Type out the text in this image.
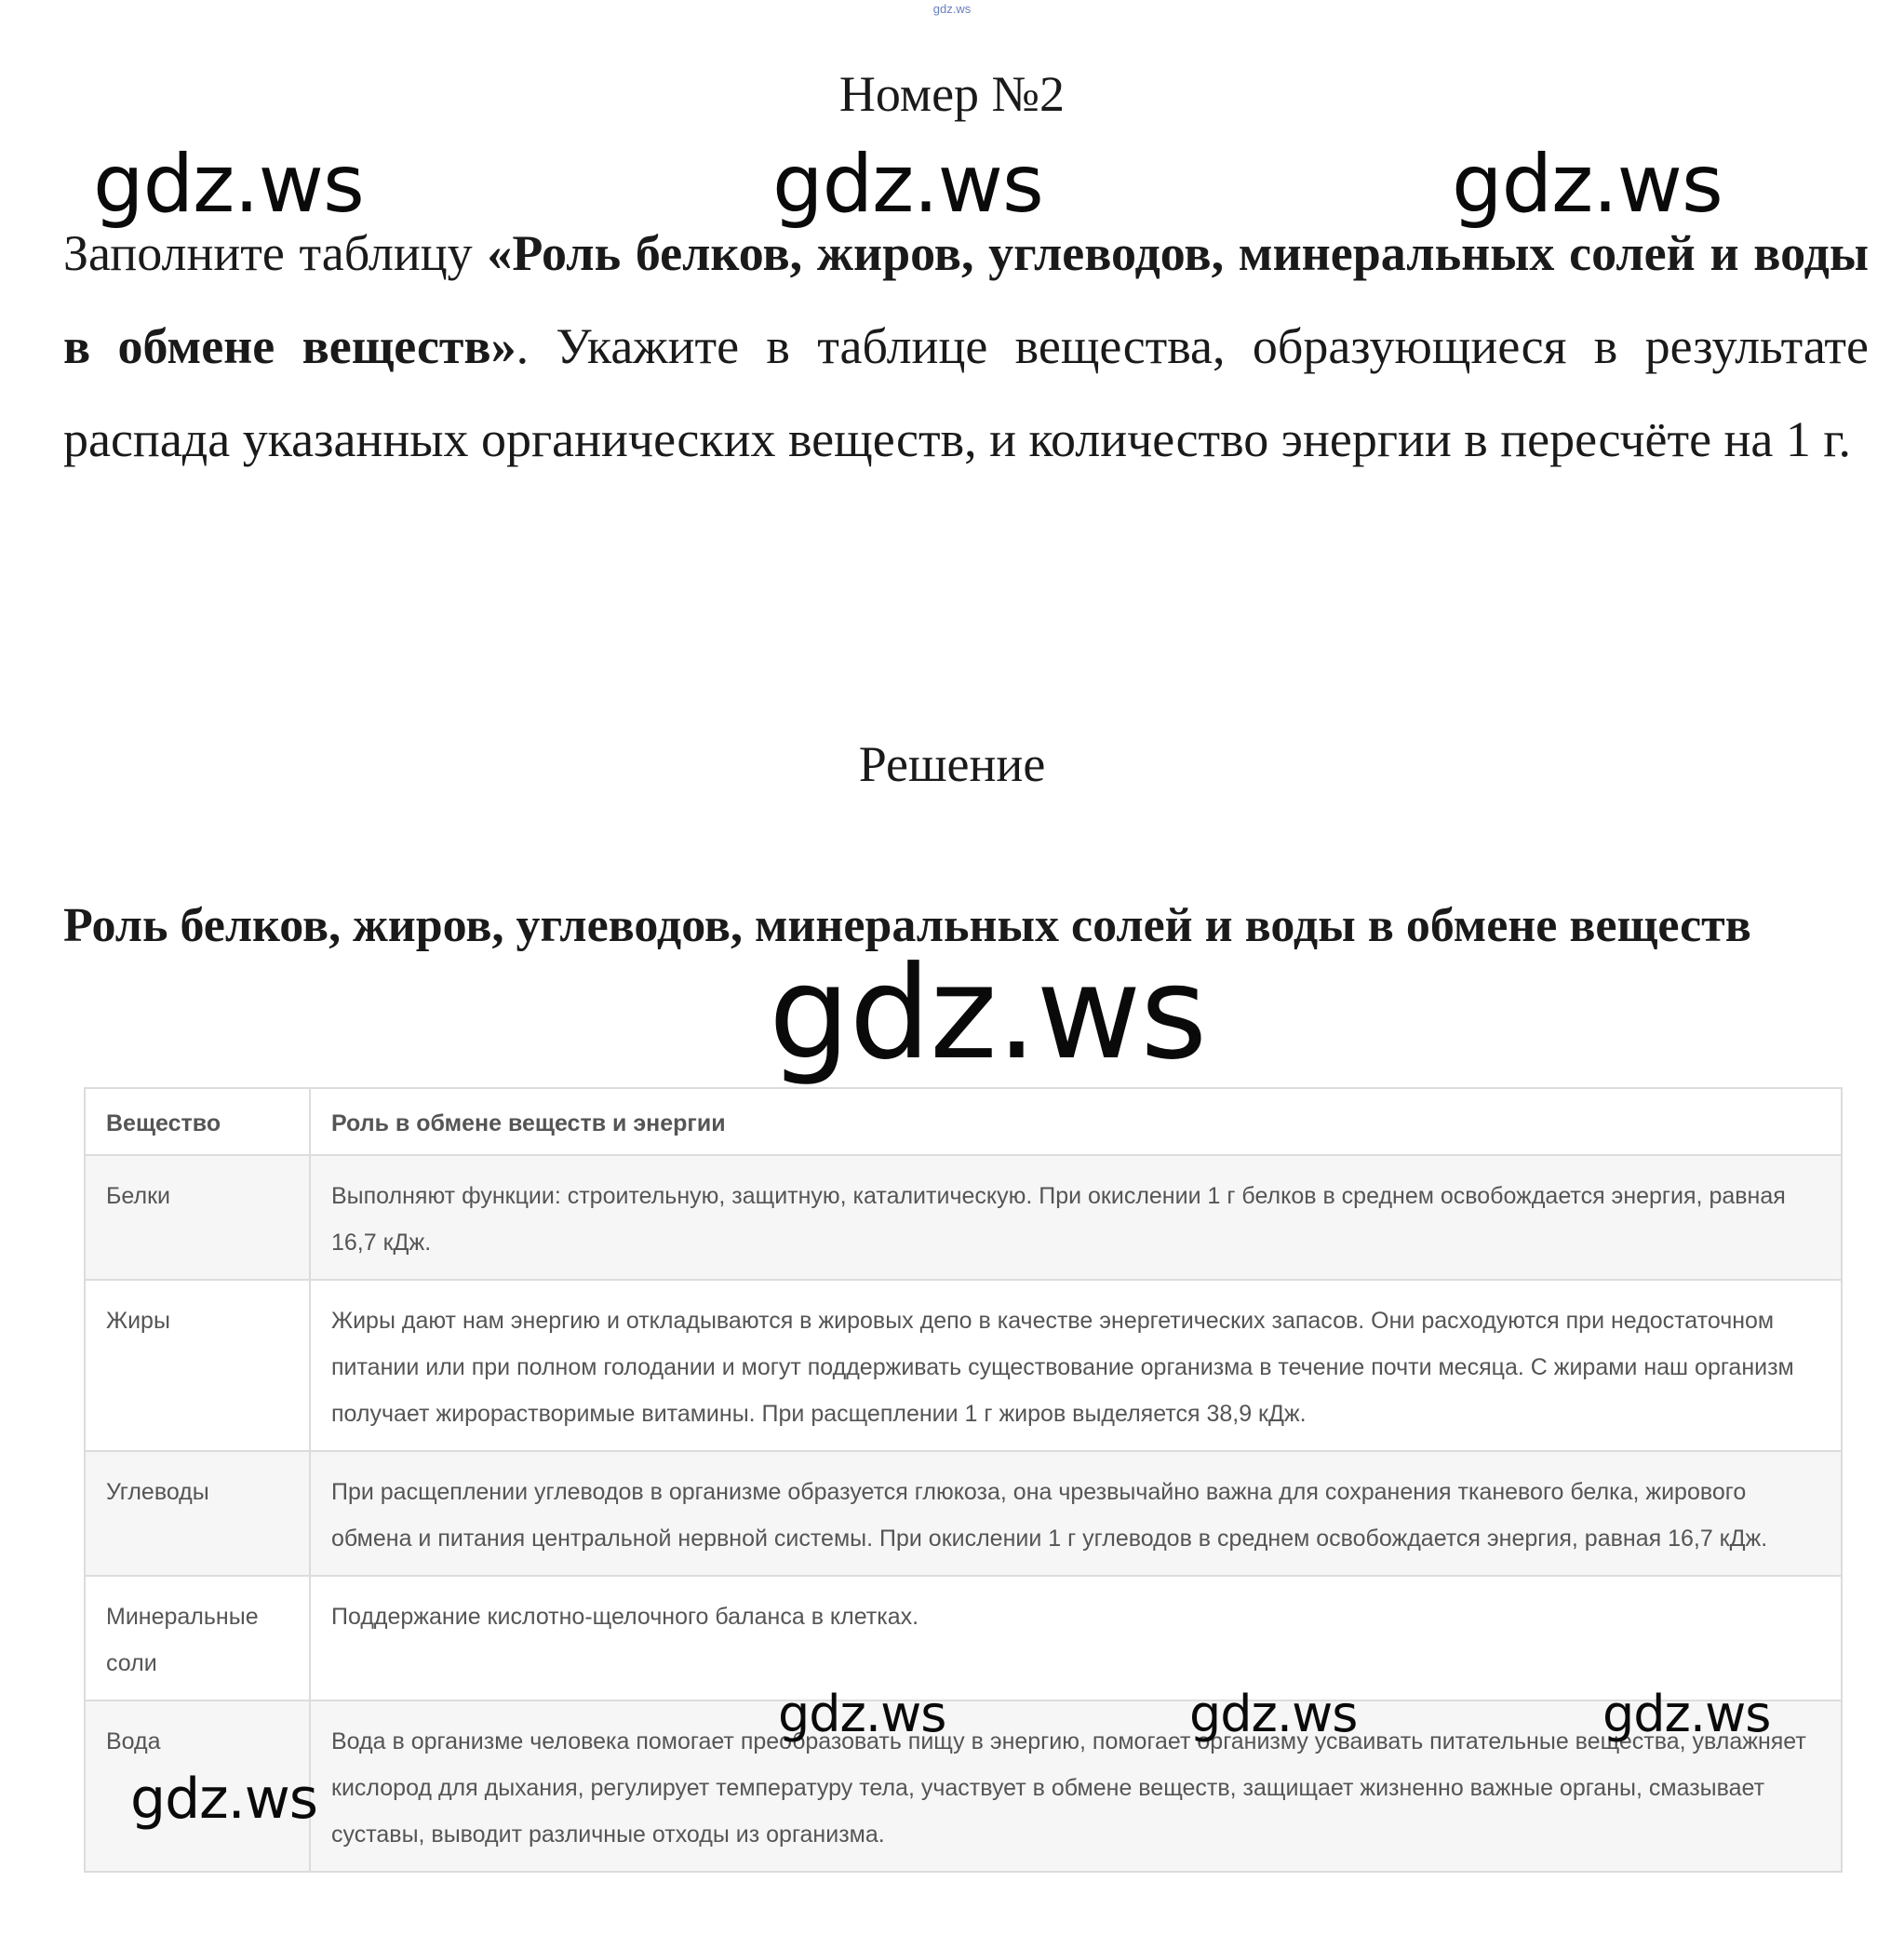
gdz.ws
Номер №2
Заполните таблицу «Роль белков, жиров, углеводов, минеральных солей и воды в обмене веществ». Укажите в таблице вещества, образующиеся в результате распада указанных органических веществ, и количество энергии в пересчёте на 1 г.
Решение
Роль белков, жиров, углеводов, минеральных солей и воды в обмене веществ
Вещество	Роль в обмене веществ и энергии
Белки	Выполняют функции: строительную, защитную, каталитическую. При окислении 1 г белков в среднем освобождается энергия, равная 16,7 кДж.
Жиры	Жиры дают нам энергию и откладываются в жировых депо в качестве энергетических запасов. Они расходуются при недостаточном питании или при полном голодании и могут поддерживать существование организма в течение почти месяца. С жирами наш организм получает жирорастворимые витамины. При расщеплении 1 г жиров выделяется 38,9 кДж.
Углеводы	При расщеплении углеводов в организме образуется глюкоза, она чрезвычайно важна для сохранения тканевого белка, жирового обмена и питания центральной нервной системы. При окислении 1 г углеводов в среднем освобождается энергия, равная 16,7 кДж.
Минеральные соли	Поддержание кислотно-щелочного баланса в клетках.
Вода	Вода в организме человека помогает преобразовать пищу в энергию, помогает организму усваивать питательные вещества, увлажняет кислород для дыхания, регулирует температуру тела, участвует в обмене веществ, защищает жизненно важные органы, смазывает суставы, выводит различные отходы из организма.
gdz.ws	gdz.ws	gdz.ws
gdz.ws
gdz.ws	gdz.ws	gdz.ws
gdz.ws
